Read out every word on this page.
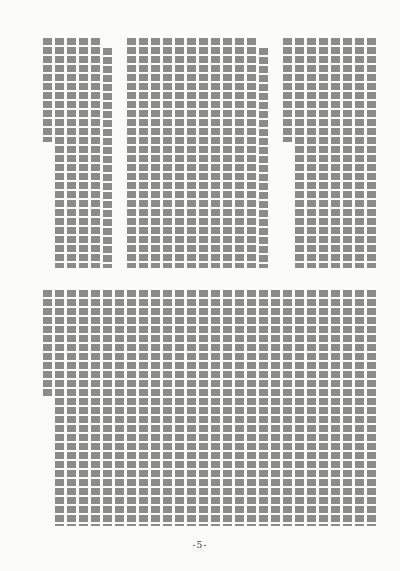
-5-
